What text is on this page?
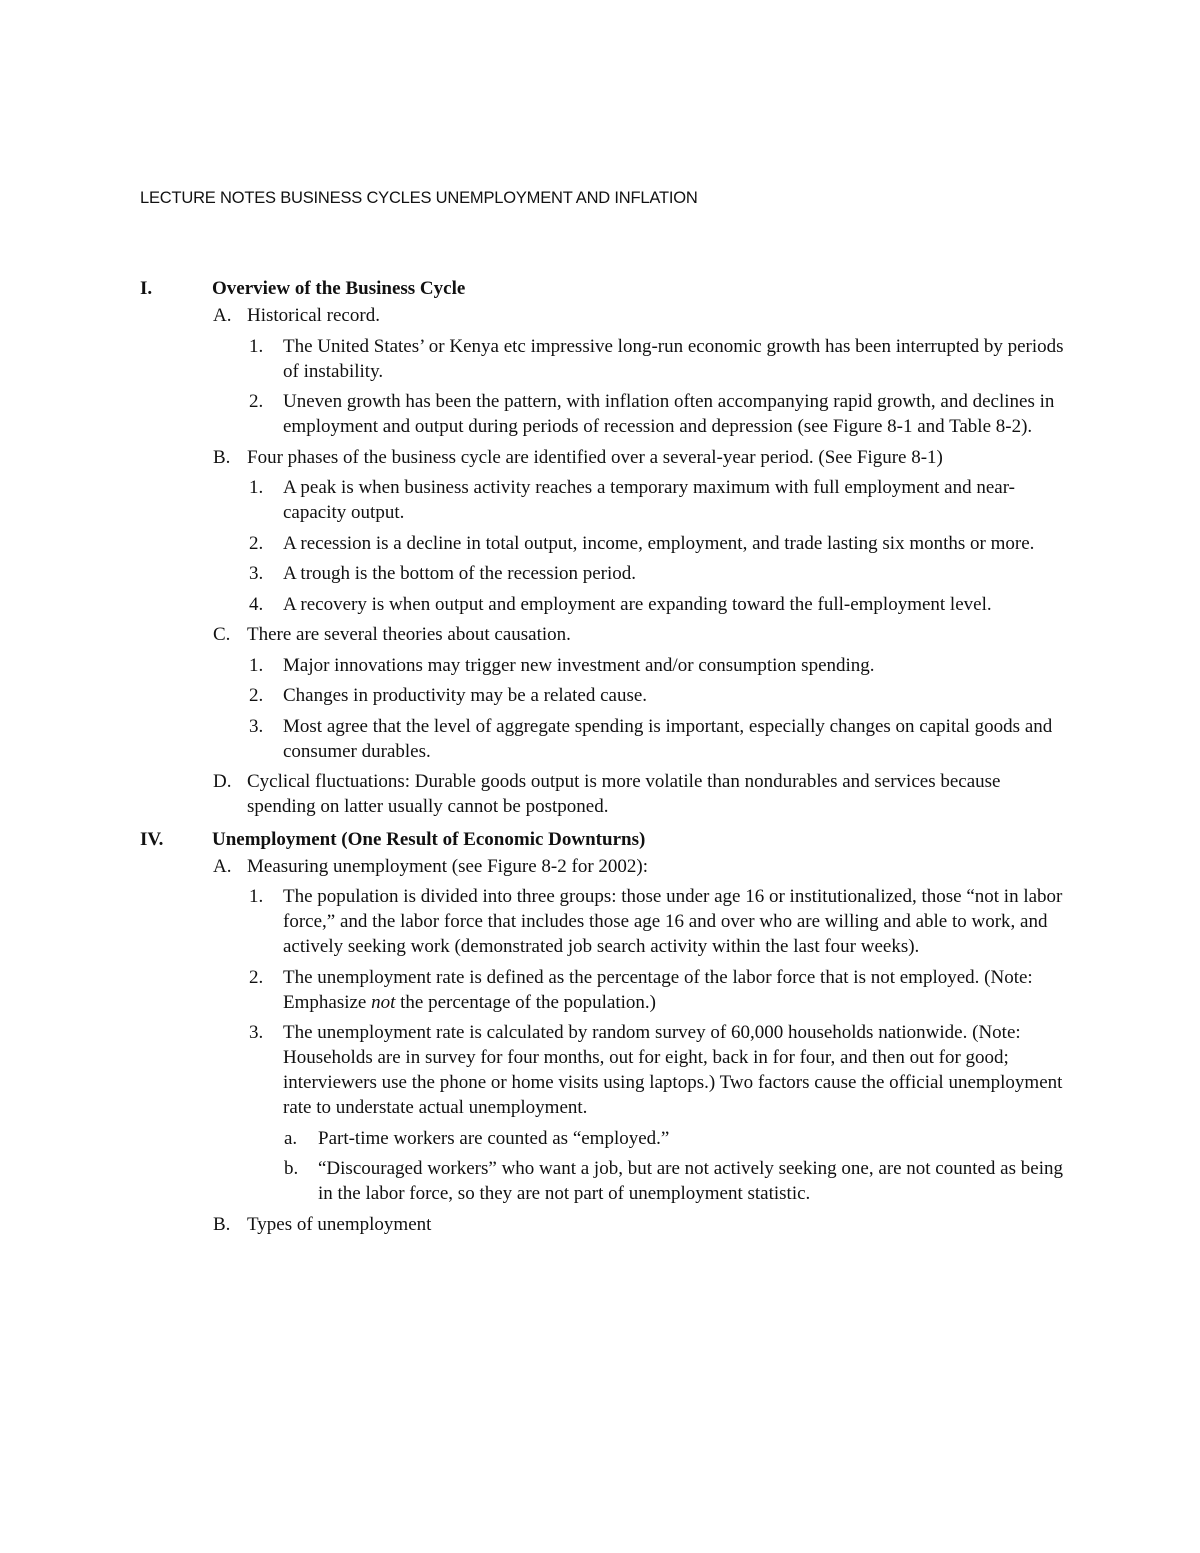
LECTURE NOTES BUSINESS CYCLES UNEMPLOYMENT AND INFLATION
I.	Overview of the Business Cycle
A. Historical record.
1. The United States’ or Kenya etc impressive long-run economic growth has been interrupted by periods of instability.
2. Uneven growth has been the pattern, with inflation often accompanying rapid growth, and declines in employment and output during periods of recession and depression (see Figure 8-1 and Table 8-2).
B. Four phases of the business cycle are identified over a several-year period. (See Figure 8-1)
1. A peak is when business activity reaches a temporary maximum with full employment and near-capacity output.
2. A recession is a decline in total output, income, employment, and trade lasting six months or more.
3. A trough is the bottom of the recession period.
4. A recovery is when output and employment are expanding toward the full-employment level.
C. There are several theories about causation.
1. Major innovations may trigger new investment and/or consumption spending.
2. Changes in productivity may be a related cause.
3. Most agree that the level of aggregate spending is important, especially changes on capital goods and consumer durables.
D. Cyclical fluctuations: Durable goods output is more volatile than nondurables and services because spending on latter usually cannot be postponed.
IV.	Unemployment (One Result of Economic Downturns)
A. Measuring unemployment (see Figure 8-2 for 2002):
1. The population is divided into three groups: those under age 16 or institutionalized, those “not in labor force,” and the labor force that includes those age 16 and over who are willing and able to work, and actively seeking work (demonstrated job search activity within the last four weeks).
2. The unemployment rate is defined as the percentage of the labor force that is not employed. (Note: Emphasize not the percentage of the population.)
3. The unemployment rate is calculated by random survey of 60,000 households nationwide. (Note: Households are in survey for four months, out for eight, back in for four, and then out for good; interviewers use the phone or home visits using laptops.) Two factors cause the official unemployment rate to understate actual unemployment.
a. Part-time workers are counted as “employed.”
b. “Discouraged workers” who want a job, but are not actively seeking one, are not counted as being in the labor force, so they are not part of unemployment statistic.
B. Types of unemployment
